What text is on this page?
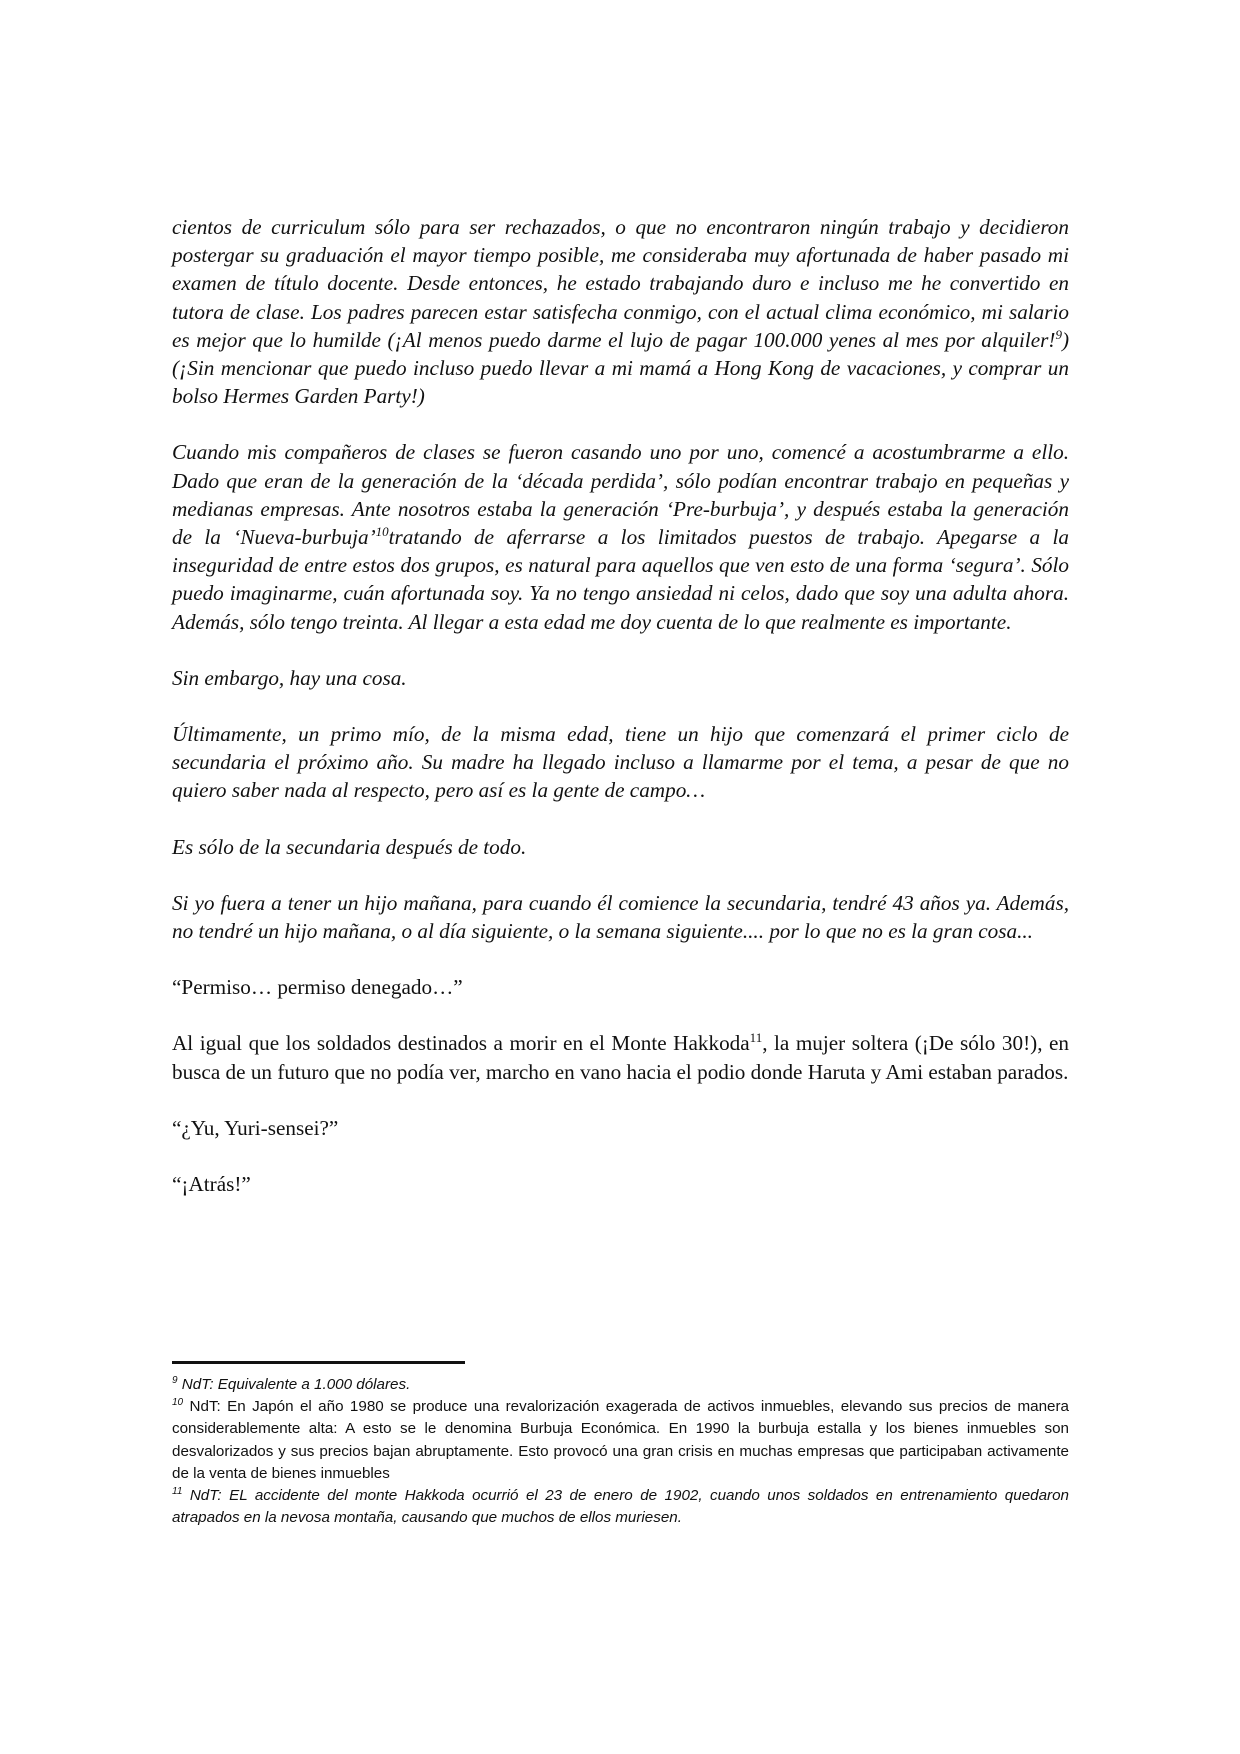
cientos de curriculum sólo para ser rechazados, o que no encontraron ningún trabajo y decidieron postergar su graduación el mayor tiempo posible, me consideraba muy afortunada de haber pasado mi examen de título docente. Desde entonces, he estado trabajando duro e incluso me he convertido en tutora de clase. Los padres parecen estar satisfecha conmigo, con el actual clima económico, mi salario es mejor que lo humilde (¡Al menos puedo darme el lujo de pagar 100.000 yenes al mes por alquiler!$^9$) (¡Sin mencionar que puedo incluso puedo llevar a mi mamá a Hong Kong de vacaciones, y comprar un bolso Hermes Garden Party!)

Cuando mis compañeros de clases se fueron casando uno por uno, comencé a acostumbrarme a ello. Dado que eran de la generación de la ‘década perdida’, sólo podían encontrar trabajo en pequeñas y medianas empresas. Ante nosotros estaba la generación ‘Pre-burbuja’, y después estaba la generación de la ‘Nueva-burbuja’$^{10}$tratando de aferrarse a los limitados puestos de trabajo. Apegarse a la inseguridad de entre estos dos grupos, es natural para aquellos que ven esto de una forma ‘segura’. Sólo puedo imaginarme, cuán afortunada soy. Ya no tengo ansiedad ni celos, dado que soy una adulta ahora. Además, sólo tengo treinta. Al llegar a esta edad me doy cuenta de lo que realmente es importante.

Sin embargo, hay una cosa.

Últimamente, un primo mío, de la misma edad, tiene un hijo que comenzará el primer ciclo de secundaria el próximo año. Su madre ha llegado incluso a llamarme por el tema, a pesar de que no quiero saber nada al respecto, pero así es la gente de campo…

Es sólo de la secundaria después de todo.

Si yo fuera a tener un hijo mañana, para cuando él comience la secundaria, tendré 43 años ya. Además, no tendré un hijo mañana, o al día siguiente, o la semana siguiente.... por lo que no es la gran cosa...

“Permiso… permiso denegado…”

Al igual que los soldados destinados a morir en el Monte Hakkoda$^{11}$, la mujer soltera (¡De sólo 30!), en busca de un futuro que no podía ver, marcho en vano hacia el podio donde Haruta y Ami estaban parados.

“¿Yu, Yuri-sensei?”

“¡Atrás!”

$^9$ NdT: Equivalente a 1.000 dólares.

$^{10}$ NdT: En Japón el año 1980 se produce una revalorización exagerada de activos inmuebles, elevando sus precios de manera considerablemente alta: A esto se le denomina Burbuja Económica. En 1990 la burbuja estalla y los bienes inmuebles son desvalorizados y sus precios bajan abruptamente. Esto provocó una gran crisis en muchas empresas que participaban activamente de la venta de bienes inmuebles

$^{11}$ NdT: EL accidente del monte Hakkoda ocurrió el 23 de enero de 1902, cuando unos soldados en entrenamiento quedaron atrapados en la nevosa montaña, causando que muchos de ellos muriesen.
